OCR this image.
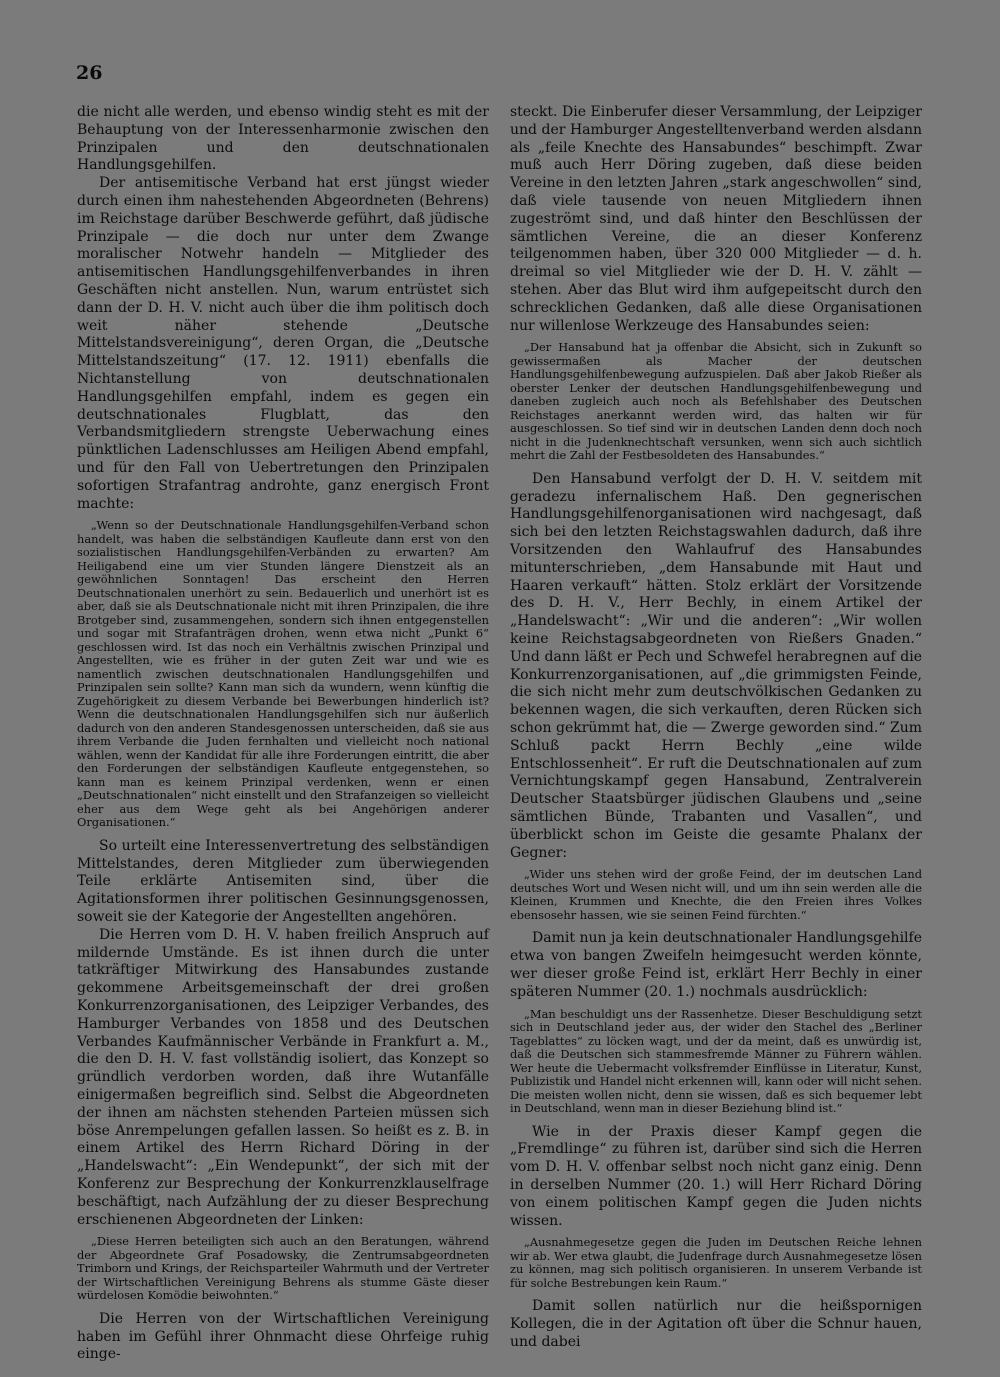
26

die nicht alle werden, und ebenso windig steht es mit der Behauptung von der Interessenharmonie zwischen den Prinzipalen und den deutschnationalen Handlungsgehilfen.

Der antisemitische Verband hat erst jüngst wieder durch einen ihm nahestehenden Abgeordneten (Behrens) im Reichstage darüber Beschwerde geführt, daß jüdische Prinzipale — die doch nur unter dem Zwange moralischer Notwehr handeln — Mitglieder des antisemitischen Handlungsgehilfenverbandes in ihren Geschäften nicht anstellen. Nun, warum entrüstet sich dann der D. H. V. nicht auch über die ihm politisch doch weit näher stehende „Deutsche Mittelstandsvereinigung“, deren Organ, die „Deutsche Mittelstandszeitung“ (17. 12. 1911) ebenfalls die Nichtanstellung von deutschnationalen Handlungsgehilfen empfahl, indem es gegen ein deutschnationales Flugblatt, das den Verbandsmitgliedern strengste Ueberwachung eines pünktlichen Ladenschlusses am Heiligen Abend empfahl, und für den Fall von Uebertretungen den Prinzipalen sofortigen Strafantrag androhte, ganz energisch Front machte:

„Wenn so der Deutschnationale Handlungsgehilfen-Verband schon handelt, was haben die selbständigen Kaufleute dann erst von den sozialistischen Handlungsgehilfen-Verbänden zu erwarten? Am Heiligabend eine um vier Stunden längere Dienstzeit als an gewöhnlichen Sonntagen! Das erscheint den Herren Deutschnationalen unerhört zu sein. Bedauerlich und unerhört ist es aber, daß sie als Deutschnationale nicht mit ihren Prinzipalen, die ihre Brotgeber sind, zusammengehen, sondern sich ihnen entgegenstellen und sogar mit Strafanträgen drohen, wenn etwa nicht „Punkt 6“ geschlossen wird. Ist das noch ein Verhältnis zwischen Prinzipal und Angestellten, wie es früher in der guten Zeit war und wie es namentlich zwischen deutschnationalen Handlungsgehilfen und Prinzipalen sein sollte? Kann man sich da wundern, wenn künftig die Zugehörigkeit zu diesem Verbande bei Bewerbungen hinderlich ist? Wenn die deutschnationalen Handlungsgehilfen sich nur äußerlich dadurch von den anderen Standesgenossen unterscheiden, daß sie aus ihrem Verbande die Juden fernhalten und vielleicht noch national wählen, wenn der Kandidat für alle ihre Forderungen eintritt, die aber den Forderungen der selbständigen Kaufleute entgegenstehen, so kann man es keinem Prinzipal verdenken, wenn er einen „Deutschnationalen“ nicht einstellt und den Strafanzeigen so vielleicht eher aus dem Wege geht als bei Angehörigen anderer Organisationen.“

So urteilt eine Interessenvertretung des selbständigen Mittelstandes, deren Mitglieder zum überwiegenden Teile erklärte Antisemiten sind, über die Agitationsformen ihrer politischen Gesinnungsgenossen, soweit sie der Kategorie der Angestellten angehören.

Die Herren vom D. H. V. haben freilich Anspruch auf mildernde Umstände. Es ist ihnen durch die unter tatkräftiger Mitwirkung des Hansabundes zustande gekommene Arbeitsgemeinschaft der drei großen Konkurrenzorganisationen, des Leipziger Verbandes, des Hamburger Verbandes von 1858 und des Deutschen Verbandes Kaufmännischer Verbände in Frankfurt a. M., die den D. H. V. fast vollständig isoliert, das Konzept so gründlich verdorben worden, daß ihre Wutanfälle einigermaßen begreiflich sind. Selbst die Abgeordneten der ihnen am nächsten stehenden Parteien müssen sich böse Anrempelungen gefallen lassen. So heißt es z. B. in einem Artikel des Herrn Richard Döring in der „Handelswacht“: „Ein Wendepunkt“, der sich mit der Konferenz zur Besprechung der Konkurrenzklauselfrage beschäftigt, nach Aufzählung der zu dieser Besprechung erschienenen Abgeordneten der Linken:

„Diese Herren beteiligten sich auch an den Beratungen, während der Abgeordnete Graf Posadowsky, die Zentrumsabgeordneten Trimborn und Krings, der Reichsparteiler Wahrmuth und der Vertreter der Wirtschaftlichen Vereinigung Behrens als stumme Gäste dieser würdelosen Komödie beiwohnten.“

Die Herren von der Wirtschaftlichen Vereinigung haben im Gefühl ihrer Ohnmacht diese Ohrfeige ruhig einge-

steckt. Die Einberufer dieser Versammlung, der Leipziger und der Hamburger Angestelltenverband werden alsdann als „feile Knechte des Hansabundes“ beschimpft. Zwar muß auch Herr Döring zugeben, daß diese beiden Vereine in den letzten Jahren „stark angeschwollen“ sind, daß viele tausende von neuen Mitgliedern ihnen zugeströmt sind, und daß hinter den Beschlüssen der sämtlichen Vereine, die an dieser Konferenz teilgenommen haben, über 320 000 Mitglieder — d. h. dreimal so viel Mitglieder wie der D. H. V. zählt — stehen. Aber das Blut wird ihm aufgepeitscht durch den schrecklichen Gedanken, daß alle diese Organisationen nur willenlose Werkzeuge des Hansabundes seien:

„Der Hansabund hat ja offenbar die Absicht, sich in Zukunft so gewissermaßen als Macher der deutschen Handlungsgehilfenbewegung aufzuspielen. Daß aber Jakob Rießer als oberster Lenker der deutschen Handlungsgehilfenbewegung und daneben zugleich auch noch als Befehlshaber des Deutschen Reichstages anerkannt werden wird, das halten wir für ausgeschlossen. So tief sind wir in deutschen Landen denn doch noch nicht in die Judenknechtschaft versunken, wenn sich auch sichtlich mehrt die Zahl der Festbesoldeten des Hansabundes.“

Den Hansabund verfolgt der D. H. V. seitdem mit geradezu infernalischem Haß. Den gegnerischen Handlungsgehilfenorganisationen wird nachgesagt, daß sich bei den letzten Reichstagswahlen dadurch, daß ihre Vorsitzenden den Wahlaufruf des Hansabundes mitunterschrieben, „dem Hansabunde mit Haut und Haaren verkauft“ hätten. Stolz erklärt der Vorsitzende des D. H. V., Herr Bechly, in einem Artikel der „Handelswacht“: „Wir und die anderen“: „Wir wollen keine Reichstagsabgeordneten von Rießers Gnaden.“ Und dann läßt er Pech und Schwefel herabregnen auf die Konkurrenzorganisationen, auf „die grimmigsten Feinde, die sich nicht mehr zum deutschvölkischen Gedanken zu bekennen wagen, die sich verkauften, deren Rücken sich schon gekrümmt hat, die — Zwerge geworden sind.“ Zum Schluß packt Herrn Bechly „eine wilde Entschlossenheit“. Er ruft die Deutschnationalen auf zum Vernichtungskampf gegen Hansabund, Zentralverein Deutscher Staatsbürger jüdischen Glaubens und „seine sämtlichen Bünde, Trabanten und Vasallen“, und überblickt schon im Geiste die gesamte Phalanx der Gegner:

„Wider uns stehen wird der große Feind, der im deutschen Land deutsches Wort und Wesen nicht will, und um ihn sein werden alle die Kleinen, Krummen und Knechte, die den Freien ihres Volkes ebensosehr hassen, wie sie seinen Feind fürchten.“

Damit nun ja kein deutschnationaler Handlungsgehilfe etwa von bangen Zweifeln heimgesucht werden könnte, wer dieser große Feind ist, erklärt Herr Bechly in einer späteren Nummer (20. 1.) nochmals ausdrücklich:

„Man beschuldigt uns der Rassenhetze. Dieser Beschuldigung setzt sich in Deutschland jeder aus, der wider den Stachel des „Berliner Tageblattes“ zu löcken wagt, und der da meint, daß es unwürdig ist, daß die Deutschen sich stammesfremde Männer zu Führern wählen. Wer heute die Uebermacht volksfremder Einflüsse in Literatur, Kunst, Publizistik und Handel nicht erkennen will, kann oder will nicht sehen. Die meisten wollen nicht, denn sie wissen, daß es sich bequemer lebt in Deutschland, wenn man in dieser Beziehung blind ist.“

Wie in der Praxis dieser Kampf gegen die „Fremdlinge“ zu führen ist, darüber sind sich die Herren vom D. H. V. offenbar selbst noch nicht ganz einig. Denn in derselben Nummer (20. 1.) will Herr Richard Döring von einem politischen Kampf gegen die Juden nichts wissen.

„Ausnahmegesetze gegen die Juden im Deutschen Reiche lehnen wir ab. Wer etwa glaubt, die Judenfrage durch Ausnahmegesetze lösen zu können, mag sich politisch organisieren. In unserem Verbande ist für solche Bestrebungen kein Raum.“

Damit sollen natürlich nur die heißspornigen Kollegen, die in der Agitation oft über die Schnur hauen, und dabei
